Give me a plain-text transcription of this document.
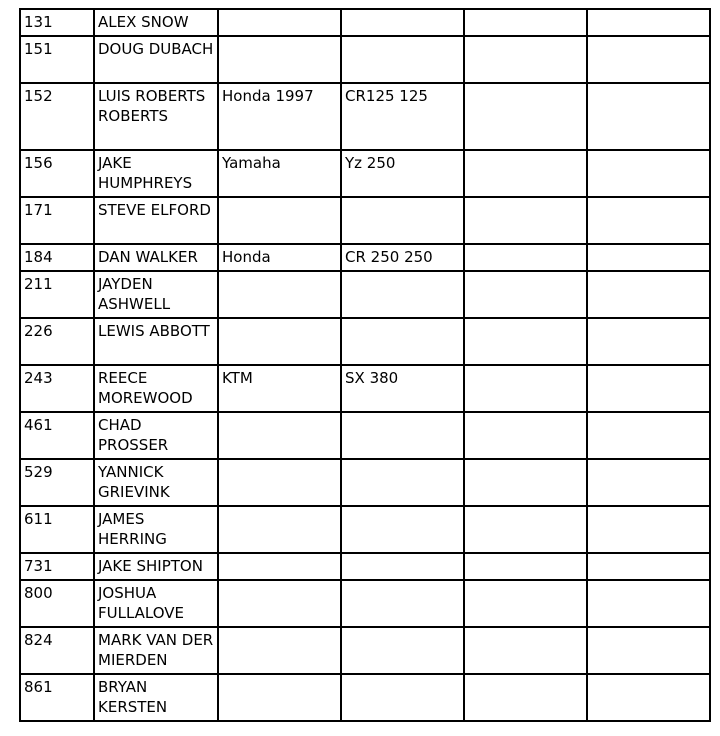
131	ALEX SNOW				
151	DOUG DUBACH				
152	LUIS ROBERTS ROBERTS	Honda 1997	CR125 125		
156	JAKE HUMPHREYS	Yamaha	Yz 250		
171	STEVE ELFORD				
184	DAN WALKER	Honda	CR 250 250		
211	JAYDEN ASHWELL				
226	LEWIS ABBOTT				
243	REECE MOREWOOD	KTM	SX 380		
461	CHAD PROSSER				
529	YANNICK GRIEVINK				
611	JAMES HERRING				
731	JAKE SHIPTON				
800	JOSHUA FULLALOVE				
824	MARK VAN DER MIERDEN				
861	BRYAN KERSTEN				
